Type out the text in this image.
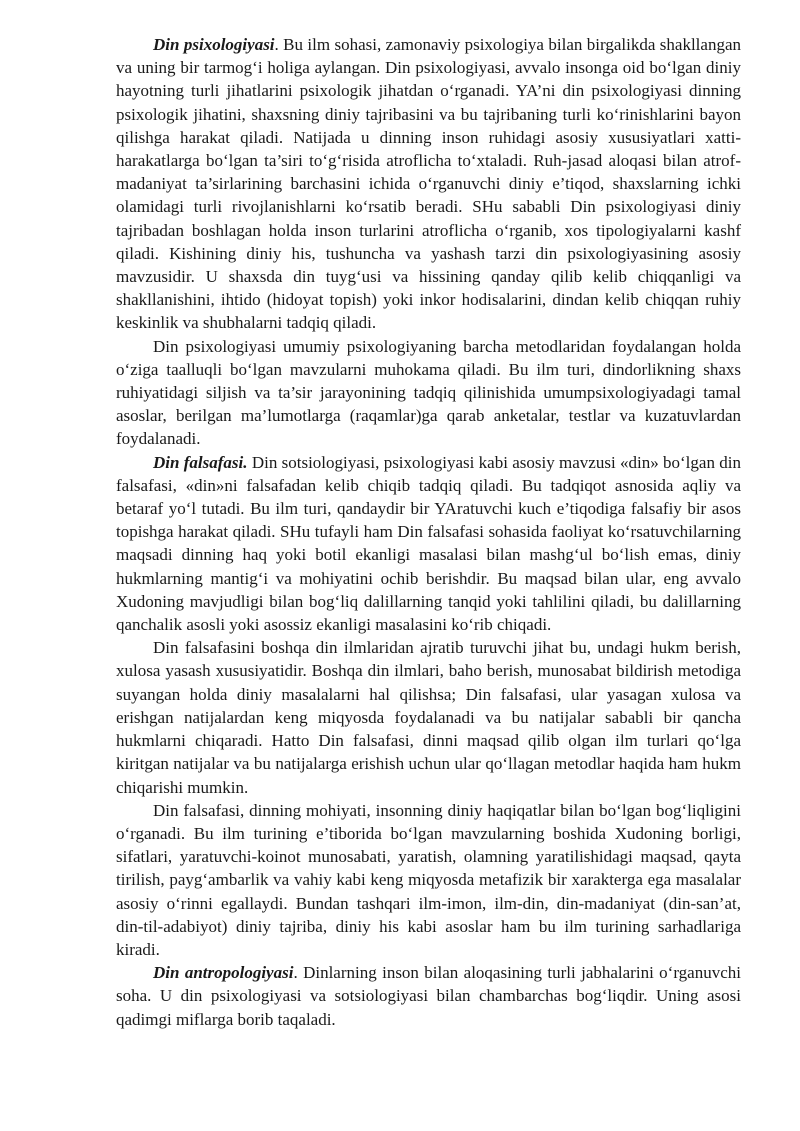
Din psixologiyasi. Bu ilm sohasi, zamonaviy psixologiya bilan birgalikda shakllangan va uning bir tarmog‘i holiga aylangan. Din psixologiyasi, avvalo insonga oid bo‘lgan diniy hayotning turli jihatlarini psixologik jihatdan o‘rganadi. YA’ni din psixologiyasi dinning psixologik jihatini, shaxsning diniy tajribasini va bu tajribaning turli ko‘rinishlarini bayon qilishga harakat qiladi. Natijada u dinning inson ruhidagi asosiy xususiyatlari xatti-harakatlarga bo‘lgan ta’siri to‘g‘risida atroflicha to‘xtaladi. Ruh-jasad aloqasi bilan atrof-madaniyat ta’sirlarining barchasini ichida o‘rganuvchi diniy e’tiqod, shaxslarning ichki olamidagi turli rivojlanishlarni ko‘rsatib beradi. SHu sababli Din psixologiyasi diniy tajribadan boshlagan holda inson turlarini atroflicha o‘rganib, xos tipologiyalarni kashf qiladi. Kishining diniy his, tushuncha va yashash tarzi din psixologiyasining asosiy mavzusidir. U shaxsda din tuyg‘usi va hissining qanday qilib kelib chiqqanligi va shakllanishini, ihtido (hidoyat topish) yoki inkor hodisalarini, dindan kelib chiqqan ruhiy keskinlik va shubhalarni tadqiq qiladi.

Din psixologiyasi umumiy psixologiyaning barcha metodlaridan foydalangan holda o‘ziga taalluqli bo‘lgan mavzularni muhokama qiladi. Bu ilm turi, dindorlikning shaxs ruhiyatidagi siljish va ta’sir jarayonining tadqiq qilinishida umumpsixologiyadagi tamal asoslar, berilgan ma’lumotlarga (raqamlar)ga qarab anketalar, testlar va kuzatuvlardan foydalanadi.

Din falsafasi. Din sotsiologiyasi, psixologiyasi kabi asosiy mavzusi «din» bo‘lgan din falsafasi, «din»ni falsafadan kelib chiqib tadqiq qiladi. Bu tadqiqot asnosida aqliy va betaraf yo‘l tutadi. Bu ilm turi, qandaydir bir YAratuvchi kuch e’tiqodiga falsafiy bir asos topishga harakat qiladi. SHu tufayli ham Din falsafasi sohasida faoliyat ko‘rsatuvchilarning maqsadi dinning haq yoki botil ekanligi masalasi bilan mashg‘ul bo‘lish emas, diniy hukmlarning mantig‘i va mohiyatini ochib berishdir. Bu maqsad bilan ular, eng avvalo Xudoning mavjudligi bilan bog‘liq dalillarning tanqid yoki tahlilini qiladi, bu dalillarning qanchalik asosli yoki asossiz ekanligi masalasini ko‘rib chiqadi.

Din falsafasini boshqa din ilmlaridan ajratib turuvchi jihat bu, undagi hukm berish, xulosa yasash xususiyatidir. Boshqa din ilmlari, baho berish, munosabat bildirish metodiga suyangan holda diniy masalalarni hal qilishsa; Din falsafasi, ular yasagan xulosa va erishgan natijalardan keng miqyosda foydalanadi va bu natijalar sababli bir qancha hukmlarni chiqaradi. Hatto Din falsafasi, dinni maqsad qilib olgan ilm turlari qo‘lga kiritgan natijalar va bu natijalarga erishish uchun ular qo‘llagan metodlar haqida ham hukm chiqarishi mumkin.

Din falsafasi, dinning mohiyati, insonning diniy haqiqatlar bilan bo‘lgan bog‘liqligini o‘rganadi. Bu ilm turining e’tiborida bo‘lgan mavzularning boshida Xudoning borligi, sifatlari, yaratuvchi-koinot munosabati, yaratish, olamning yaratilishidagi maqsad, qayta tirilish, payg‘ambarlik va vahiy kabi keng miqyosda metafizik bir xarakterga ega masalalar asosiy o‘rinni egallaydi. Bundan tashqari ilm-imon, ilm-din, din-madaniyat (din-san’at, din-til-adabiyot) diniy tajriba, diniy his kabi asoslar ham bu ilm turining sarhadlariga kiradi.

Din antropologiyasi. Dinlarning inson bilan aloqasining turli jabhalarini o‘rganuvchi soha. U din psixologiyasi va sotsiologiyasi bilan chambarchas bog‘liqdir. Uning asosi qadimgi miflarga borib taqaladi.
